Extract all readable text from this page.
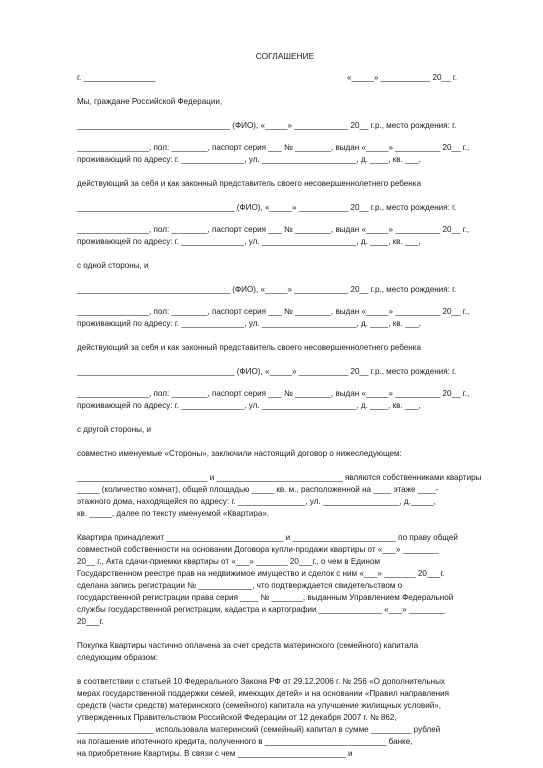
СОГЛАШЕНИЕ
г. ________________	«_____» ___________ 20__ г.

Мы, граждане Российской Федерации,

__________________________________ (ФИО), «_____» ____________ 20__ г.р., место рождения: г.

________________, пол: ________, паспорт серия ___ № ________, выдан «_____» __________ 20__ г.,

проживающий по адресу: г. ______________, ул. _____________________, д. ____, кв. ___,

действующий за себя и как законный представитель своего несовершеннолетнего ребенка

___________________________________ (ФИО), «_____» ___________ 20__ г.р., место рождения: г.

________________, пол: ________, паспорт серия ___ № ________, выдан «_____» __________ 20__ г.,

проживающей по адресу: г. ______________, ул. _____________________, д. ____, кв. ___,

с одной стороны, и

__________________________________ (ФИО), «_____» ____________ 20__ г.р., место рождения: г.

________________, пол: ________, паспорт серия ___ № ________, выдан «_____» __________ 20__ г.,

проживающий по адресу: г. ______________, ул. _____________________, д. ____, кв. ___,

действующий за себя и как законный представитель своего несовершеннолетнего ребенка

___________________________________ (ФИО), «_____» ___________ 20__ г.р., место рождения: г.

________________, пол: ________, паспорт серия ___ № ________, выдан «_____» __________ 20__ г.,

проживающей по адресу: г. ______________, ул. _____________________, д. ____, кв. ___,

с другой стороны, и

совместно именуемые «Стороны», заключили настоящий договор о нижеследующем:

_____________________________ и ____________________________ являются собственниками квартиры

_____ (количество комнат), общей площадью _____ кв. м., расположенной на ____ этаже ____-

этажного дома, находящейся по адресу: г. _______________, ул. _________________, д._____,

кв. _____, далее по тексту именуемой «Квартира».

Квартира принадлежит __________________________ и _______________________ по праву общей

совместной собственности на основании Договора купли-продажи квартиры от «___» ________

20__ г., Акта сдачи-приемки квартиры от «___» _______ 20___г., о чем в Едином

Государственном реестре прав на недвижимое имущество и сделок с ним «___» _______ 20___г.

сделана запись регистрации № ____________, что подтверждается свидетельством о

государственной регистрации права серия ____ № _______, выданным Управлением Федеральной

службы государственной регистрации, кадастра и картографии ______________ «___» ________

20___г.

Покупка Квартиры частично оплачена за счет средств материнского (семейного) капитала

следующим образом:

в соответствии с статьей 10 Федерального Закона РФ от 29.12.2006 г. № 256 «О дополнительных

мерах государственной поддержки семей, имеющих детей» и на основании «Правил направления

средств (части средств) материнского (семейного) капитала на улучшение жилищных условий»,

утвержденных Правительством Российской Федерации от 12 декабря 2007 г. № 862,

_________________ использовала материнский (семейный) капитал в сумме _________ рублей

на погашение ипотечного кредита, полученного в ___________________________ банке,

на приобретение Квартиры. В связи с чем ________________________ и
